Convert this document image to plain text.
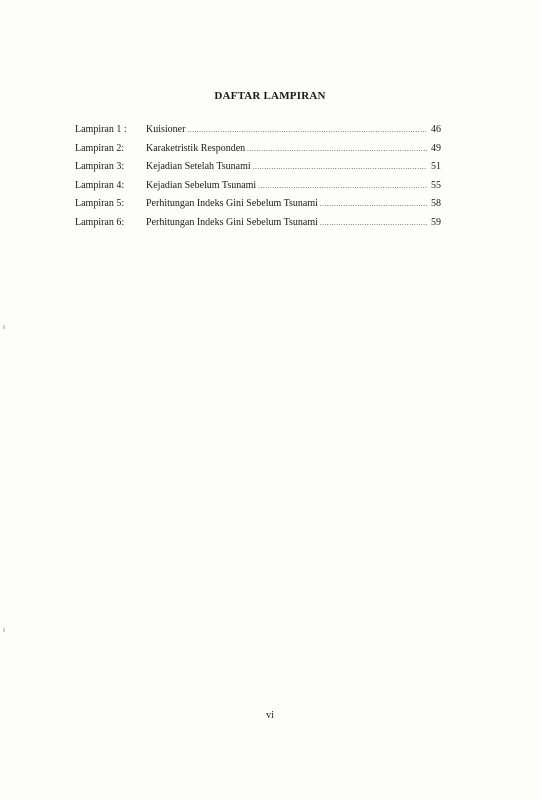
DAFTAR LAMPIRAN
Lampiran 1 :	Kuisioner .....	46
Lampiran 2:	Karaketristik Responden .....	49
Lampiran 3:	Kejadian Setelah Tsunami .....	51
Lampiran 4:	Kejadian Sebelum Tsunami .....	55
Lampiran 5:	Perhitungan Indeks Gini Sebelum Tsunami .....	58
Lampiran 6:	Perhitungan Indeks Gini Sebelum Tsunami .....	59
vi
